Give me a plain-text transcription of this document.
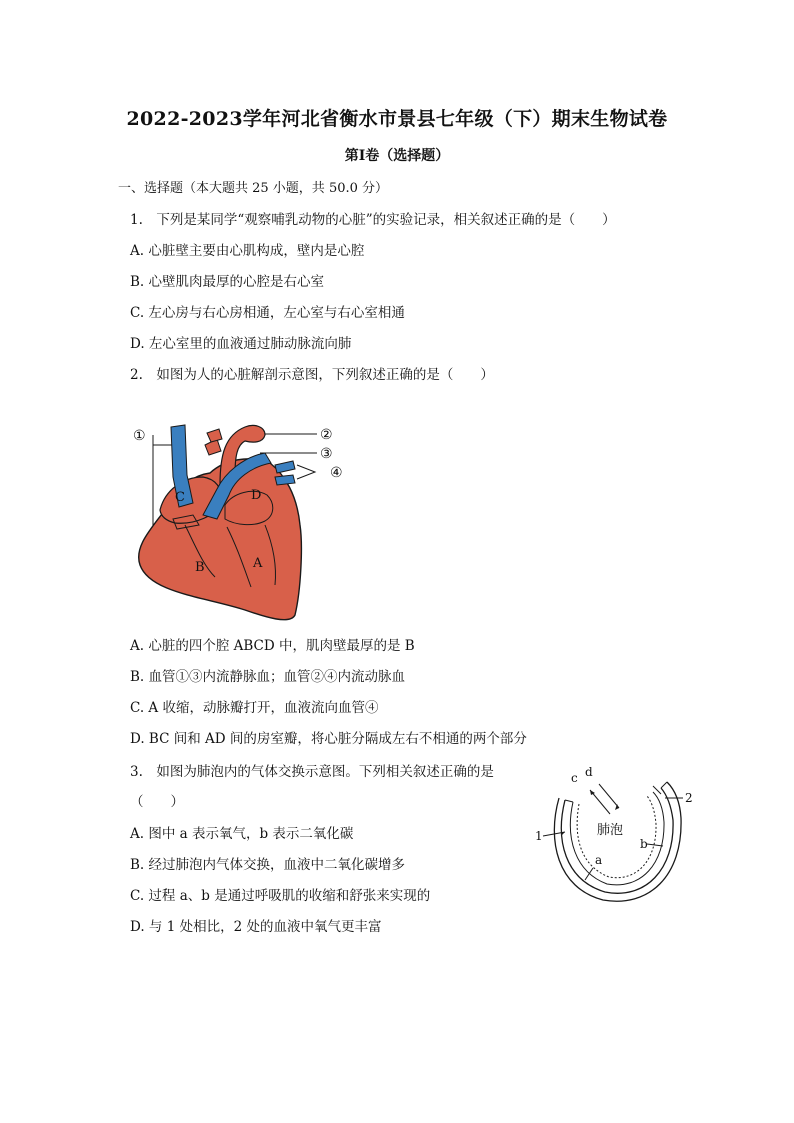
2022-2023学年河北省衡水市景县七年级（下）期末生物试卷
第Ⅰ卷（选择题）
一、选择题（本大题共 25 小题，共 50.0 分）
1.　下列是某同学“观察哺乳动物的心脏”的实验记录，相关叙述正确的是（　　）
A. 心脏壁主要由心肌构成，壁内是心腔
B. 心壁肌肉最厚的心腔是右心室
C. 左心房与右心房相通，左心室与右心室相通
D. 左心室里的血液通过肺动脉流向肺
2.　如图为人的心脏解剖示意图，下列叙述正确的是（　　）
C	D
B	A
①	②
③
④
A. 心脏的四个腔 ABCD 中，肌肉壁最厚的是 B
B. 血管①③内流静脉血；血管②④内流动脉血
C. A 收缩，动脉瓣打开，血液流向血管④
D. BC 间和 AD 间的房室瓣，将心脏分隔成左右不相通的两个部分
3.　如图为肺泡内的气体交换示意图。下列相关叙述正确的是
（　　）
A. 图中 a 表示氧气，b 表示二氧化碳
B. 经过肺泡内气体交换，血液中二氧化碳增多
C. 过程 a、b 是通过呼吸肌的收缩和舒张来实现的
D. 与 1 处相比，2 处的血液中氧气更丰富
c d
1
2
b
a
肺泡
